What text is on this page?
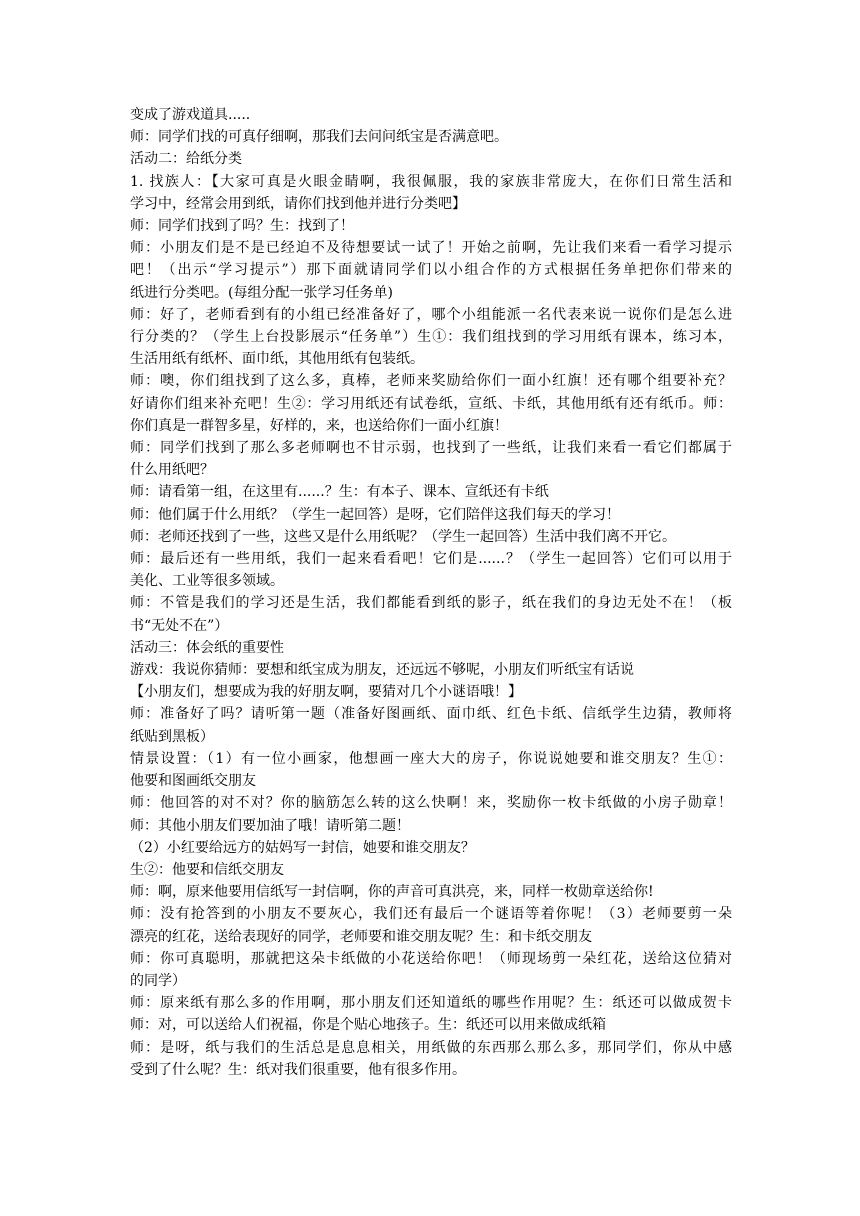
变成了游戏道具.....

师：同学们找的可真仔细啊，那我们去问问纸宝是否满意吧。

活动二：给纸分类

1. 找族人：【大家可真是火眼金睛啊，我很佩服，我的家族非常庞大，在你们日常生活和

学习中，经常会用到纸，请你们找到他并进行分类吧】

师：同学们找到了吗？生：找到了！

师：小朋友们是不是已经迫不及待想要试一试了！开始之前啊，先让我们来看一看学习提示

吧！（出示“学习提示”）那下面就请同学们以小组合作的方式根据任务单把你们带来的

纸进行分类吧。(每组分配一张学习任务单)

师：好了，老师看到有的小组已经准备好了，哪个小组能派一名代表来说一说你们是怎么进

行分类的？（学生上台投影展示“任务单”）生①：我们组找到的学习用纸有课本，练习本，

生活用纸有纸杯、面巾纸，其他用纸有包装纸。

师：噢，你们组找到了这么多，真棒，老师来奖励给你们一面小红旗！还有哪个组要补充？

好请你们组来补充吧！生②：学习用纸还有试卷纸，宣纸、卡纸，其他用纸有还有纸币。师：

你们真是一群智多星，好样的，来，也送给你们一面小红旗！

师：同学们找到了那么多老师啊也不甘示弱，也找到了一些纸，让我们来看一看它们都属于

什么用纸吧？

师：请看第一组，在这里有......？生：有本子、课本、宣纸还有卡纸

师：他们属于什么用纸？（学生一起回答）是呀，它们陪伴这我们每天的学习！

师：老师还找到了一些，这些又是什么用纸呢？（学生一起回答）生活中我们离不开它。

师：最后还有一些用纸，我们一起来看看吧！它们是......？（学生一起回答）它们可以用于

美化、工业等很多领域。

师：不管是我们的学习还是生活，我们都能看到纸的影子，纸在我们的身边无处不在！（板

书“无处不在”）

活动三：体会纸的重要性

游戏：我说你猜师：要想和纸宝成为朋友，还远远不够呢，小朋友们听纸宝有话说

【小朋友们，想要成为我的好朋友啊，要猜对几个小谜语哦！】

师：准备好了吗？请听第一题（准备好图画纸、面巾纸、红色卡纸、信纸学生边猜，教师将

纸贴到黑板）

情景设置：（1）有一位小画家，他想画一座大大的房子，你说说她要和谁交朋友？生①：

他要和图画纸交朋友

师：他回答的对不对？你的脑筋怎么转的这么快啊！来，奖励你一枚卡纸做的小房子勋章！

师：其他小朋友们要加油了哦！请听第二题！

（2）小红要给远方的姑妈写一封信，她要和谁交朋友？

生②：他要和信纸交朋友

师：啊，原来他要用信纸写一封信啊，你的声音可真洪亮，来，同样一枚勋章送给你!

师：没有抢答到的小朋友不要灰心，我们还有最后一个谜语等着你呢！（3）老师要剪一朵

漂亮的红花，送给表现好的同学，老师要和谁交朋友呢？生：和卡纸交朋友

师：你可真聪明，那就把这朵卡纸做的小花送给你吧！（师现场剪一朵红花，送给这位猜对

的同学）

师：原来纸有那么多的作用啊，那小朋友们还知道纸的哪些作用呢？生：纸还可以做成贺卡

师：对，可以送给人们祝福，你是个贴心地孩子。生：纸还可以用来做成纸箱

师：是呀，纸与我们的生活总是息息相关，用纸做的东西那么那么多，那同学们，你从中感

受到了什么呢？生：纸对我们很重要，他有很多作用。
